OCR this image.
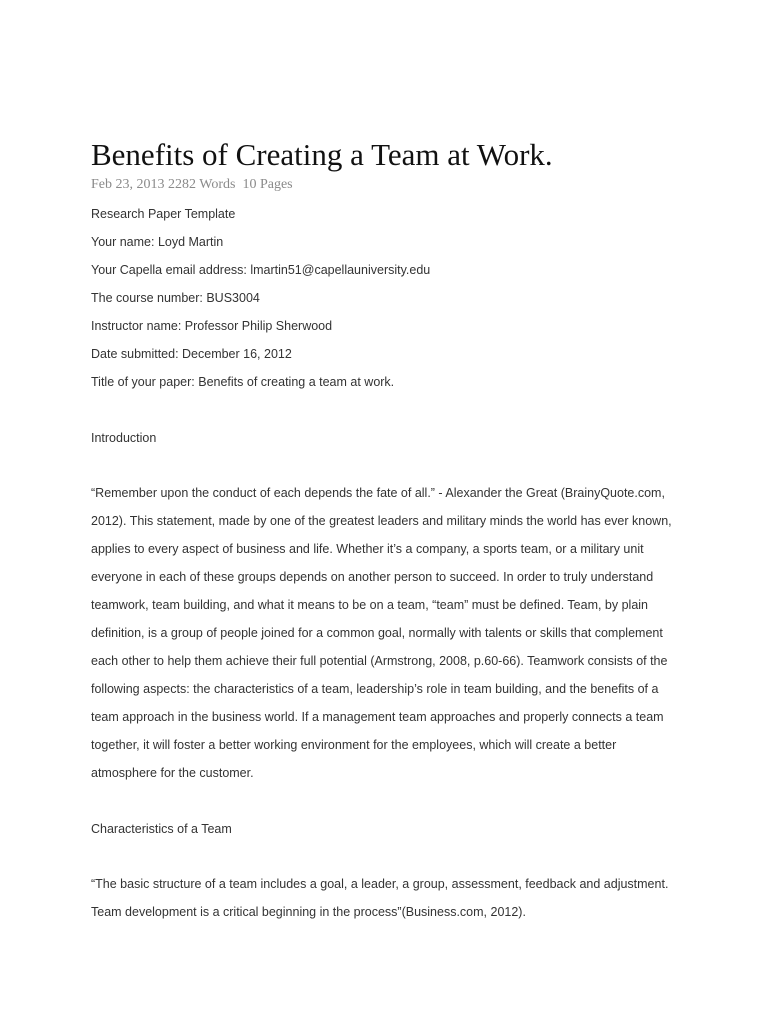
Benefits of Creating a Team at Work.
Feb 23, 2013 2282 Words  10 Pages

Research Paper Template

Your name: Loyd Martin

Your Capella email address: lmartin51@capellauniversity.edu

The course number: BUS3004

Instructor name: Professor Philip Sherwood

Date submitted: December 16, 2012

Title of your paper: Benefits of creating a team at work.

Introduction

“Remember upon the conduct of each depends the fate of all.” - Alexander the Great (BrainyQuote.com, 2012). This statement, made by one of the greatest leaders and military minds the world has ever known, applies to every aspect of business and life. Whether it’s a company, a sports team, or a military unit everyone in each of these groups depends on another person to succeed. In order to truly understand teamwork, team building, and what it means to be on a team, “team” must be defined. Team, by plain definition, is a group of people joined for a common goal, normally with talents or skills that complement each other to help them achieve their full potential (Armstrong, 2008, p.60-66). Teamwork consists of the following aspects: the characteristics of a team, leadership’s role in team building, and the benefits of a team approach in the business world. If a management team approaches and properly connects a team together, it will foster a better working environment for the employees, which will create a better atmosphere for the customer.

Characteristics of a Team

“The basic structure of a team includes a goal, a leader, a group, assessment, feedback and adjustment. Team development is a critical beginning in the process”(Business.com, 2012).
